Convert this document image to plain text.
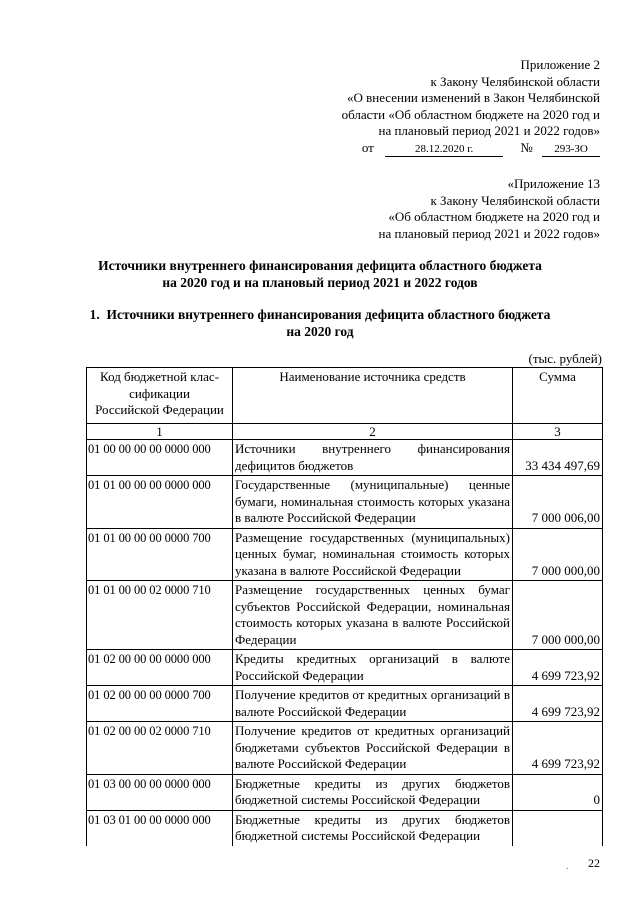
Приложение 2
к Закону Челябинской области
«О внесении изменений в Закон Челябинской
области «Об областном бюджете на 2020 год и
на плановый период 2021 и 2022 годов»
от	28.12.2020 г.	№ 293-ЗО
«Приложение 13
к Закону Челябинской области
«Об областном бюджете на 2020 год и
на плановый период 2021 и 2022 годов»
Источники внутреннего финансирования дефицита областного бюджета
на 2020 год и на плановый период 2021 и 2022 годов
1.  Источники внутреннего финансирования дефицита областного бюджета
на 2020 год
(тыс. рублей)
Код бюджетной клас-
сификации
Российской Федерации	Наименование источника средств	Сумма
1	2	3
01 00 00 00 00 0000 000	Источники внутреннего финансирования дефицитов бюджетов	33 434 497,69
01 01 00 00 00 0000 000	Государственные (муниципальные) ценные бумаги, номинальная стоимость которых указана в валюте Российской Федерации	7 000 006,00
01 01 00 00 00 0000 700	Размещение государственных (муниципальных) ценных бумаг, номинальная стоимость которых указана в валюте Российской Федерации	7 000 000,00
01 01 00 00 02 0000 710	Размещение государственных ценных бумаг субъектов Российской Федерации, номинальная стоимость которых указана в валюте Российской Федерации	7 000 000,00
01 02 00 00 00 0000 000	Кредиты кредитных организаций в валюте Российской Федерации	4 699 723,92
01 02 00 00 00 0000 700	Получение кредитов от кредитных организаций в валюте Российской Федерации	4 699 723,92
01 02 00 00 02 0000 710	Получение кредитов от кредитных организаций бюджетами субъектов Российской Федерации в валюте Российской Федерации	4 699 723,92
01 03 00 00 00 0000 000	Бюджетные кредиты из других бюджетов бюджетной системы Российской Федерации	0
01 03 01 00 00 0000 000	Бюджетные кредиты из других бюджетов бюджетной системы Российской Федерации	
. 22
